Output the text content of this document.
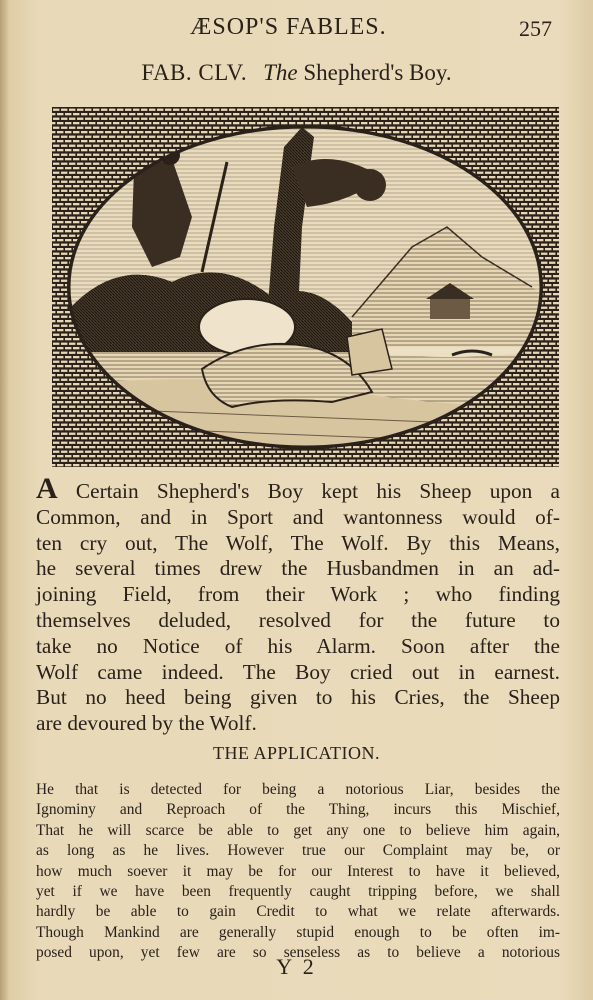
ÆSOP'S FABLES.	257
FAB. CLV. The Shepherd's Boy.
A Certain Shepherd's Boy kept his Sheep upon a
Common, and in Sport and wantonness would of-
ten cry out, The Wolf, The Wolf. By this Means,
he several times drew the Husbandmen in an ad-
joining Field, from their Work ; who finding
themselves deluded, resolved for the future to
take no Notice of his Alarm. Soon after the
Wolf came indeed. The Boy cried out in earnest.
But no heed being given to his Cries, the Sheep
are devoured by the Wolf.
THE APPLICATION.
He that is detected for being a notorious Liar, besides the
Ignominy and Reproach of the Thing, incurs this Mischief,
That he will scarce be able to get any one to believe him again,
as long as he lives. However true our Complaint may be, or
how much soever it may be for our Interest to have it believed,
yet if we have been frequently caught tripping before, we shall
hardly be able to gain Credit to what we relate afterwards.
Though Mankind are generally stupid enough to be often im-
posed upon, yet few are so senseless as to believe a notorious
Y 2
